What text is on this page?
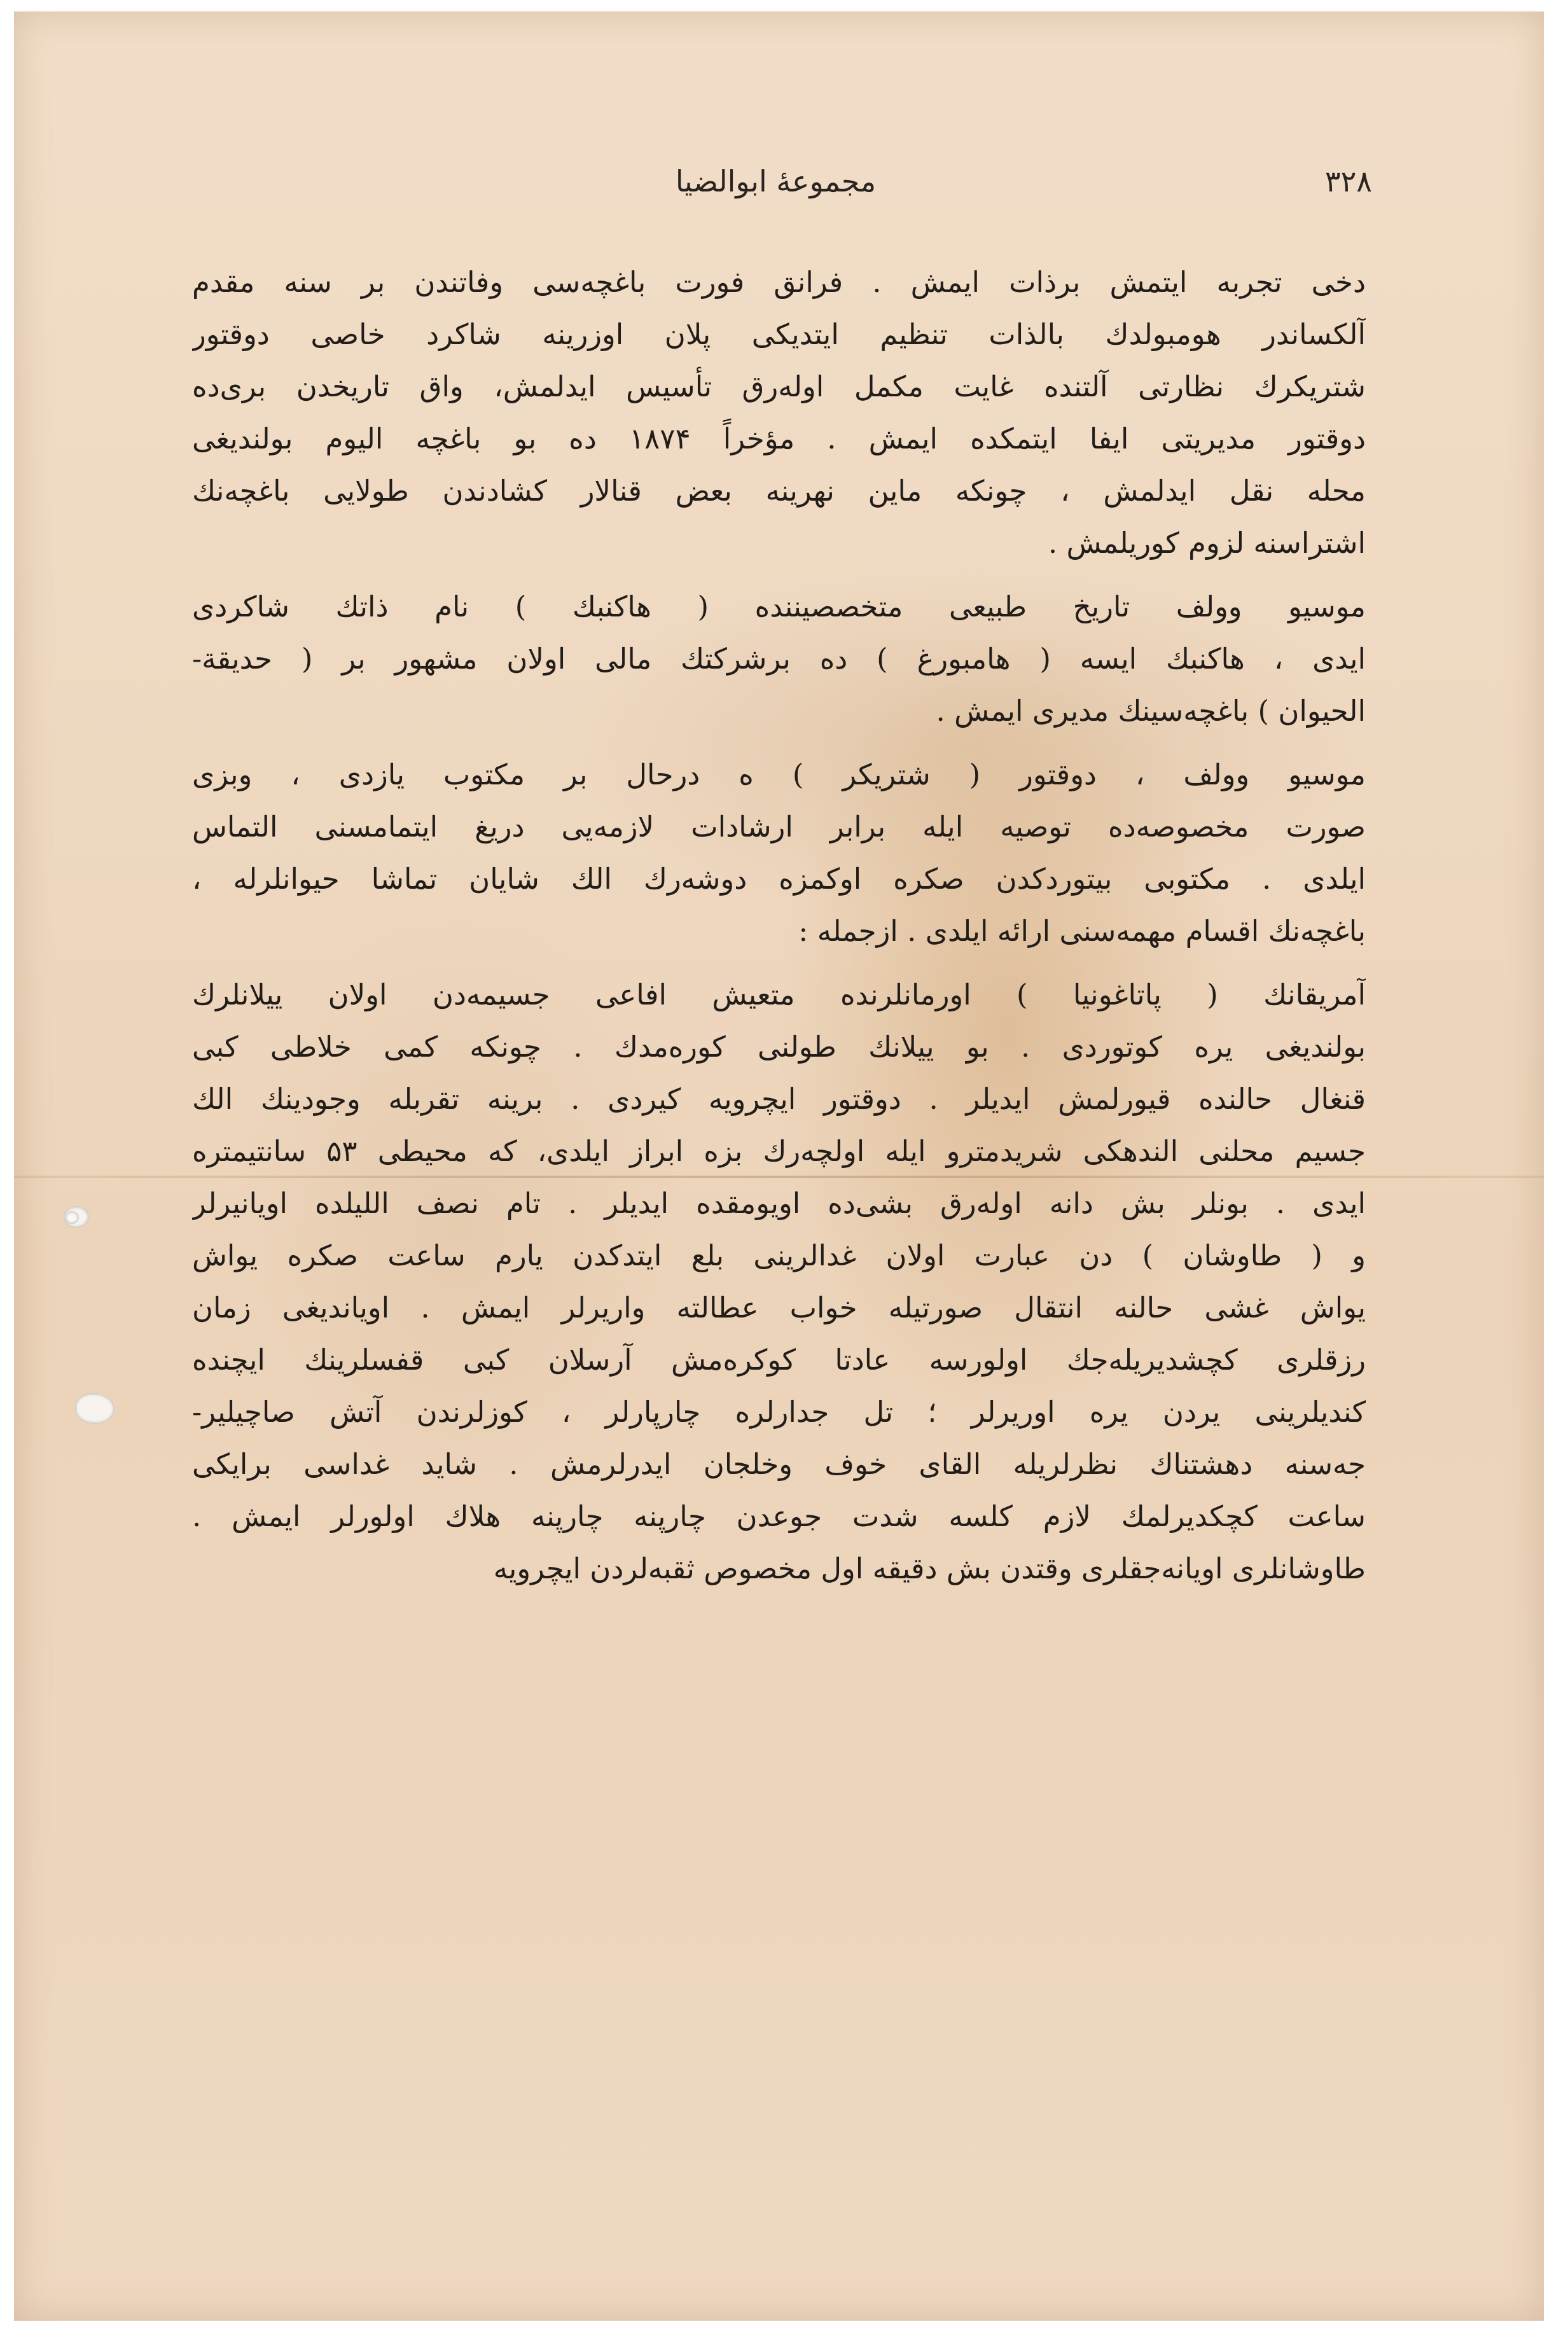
مجموعهٔ ابوالضیا	۳۲۸
دخی تجربه ایتمش برذات ایمش . فرانق فورت باغچه‌سی وفاتندن بر سنه مقدم
آلکساندر هومبولدك بالذات تنظیم ایتدیکی پلان اوزرینه شاکرد خاصی دوقتور
شتریکرك نظارتی آلتنده غایت مکمل اوله‌رق تأسیس ایدلمش، واق تاریخدن بری‌ده
دوقتور مدیریتی ایفا ایتمکده ایمش . مؤخراً ۱۸۷۴ ده بو باغچه الیوم بولندیغی
محله نقل ایدلمش ، چونکه ماین نهرینه بعض قنالار کشادندن طولایی باغچه‌نك
اشتراسنه لزوم کوریلمش .
موسیو وولف تاریخ طبیعی متخصصیننده ( هاکنبك ) نام ذاتك شاکردی
ایدی ، هاکنبك ایسه ( هامبورغ ) ده برشرکتك مالی اولان مشهور بر ( حدیقة-
الحیوان ) باغچه‌سینك مدیری ایمش .
موسیو وولف ، دوقتور ( شتریکر ) ه درحال بر مکتوب یازدی ، وبزی
صورت مخصوصه‌ده توصیه ایله برابر ارشادات لازمه‌یی دریغ ایتمامسنی التماس
ایلدی . مکتوبی بیتوردکدن صکره اوکمزه دوشه‌رك الك شایان تماشا حیوانلرله ،
باغچه‌نك اقسام مهمه‌سنی ارائه ایلدی . ازجمله :
آمریقانك ( پاتاغونیا ) اورمانلرنده متعیش افاعی جسیمه‌دن اولان ییلانلرك
بولندیغی یره کوتوردی . بو ییلانك طولنی کوره‌مدك . چونکه کمی خلاطی کبی
قنغال حالنده قیورلمش ایدیلر . دوقتور ایچرویه کیردی . برینه تقربله وجودینك الك
جسیم محلنی الندهکی شریدمترو ایله اولچه‌رك بزه ابراز ایلدی، که محیطی ۵۳ سانتیمتره
ایدی . بونلر بش دانه اوله‌رق بشی‌ده اویومقده ایدیلر . تام نصف اللیلده اویانیرلر
و ( طاوشان ) دن عبارت اولان غدالرینی بلع ایتدکدن یارم ساعت صکره یواش
یواش غشی حالنه انتقال صورتیله خواب عطالته واریرلر ایمش . اویاندیغی زمان
رزقلری کچشدیریله‌جك اولورسه عادتا کوکره‌مش آرسلان کبی قفسلرینك ایچنده
کندیلرینی یردن یره اوریرلر ؛ تل جدارلره چارپارلر ، کوزلرندن آتش صاچیلیر-
جه‌سنه دهشتناك نظرلریله القای خوف وخلجان ایدرلرمش . شاید غداسی برایکی
ساعت کچکدیرلمك لازم کلسه شدت جوعدن چارپنه چارپنه هلاك اولورلر ایمش .
طاوشانلری اویانه‌جقلری وقتدن بش دقیقه اول مخصوص ثقبه‌لردن ایچرویه
